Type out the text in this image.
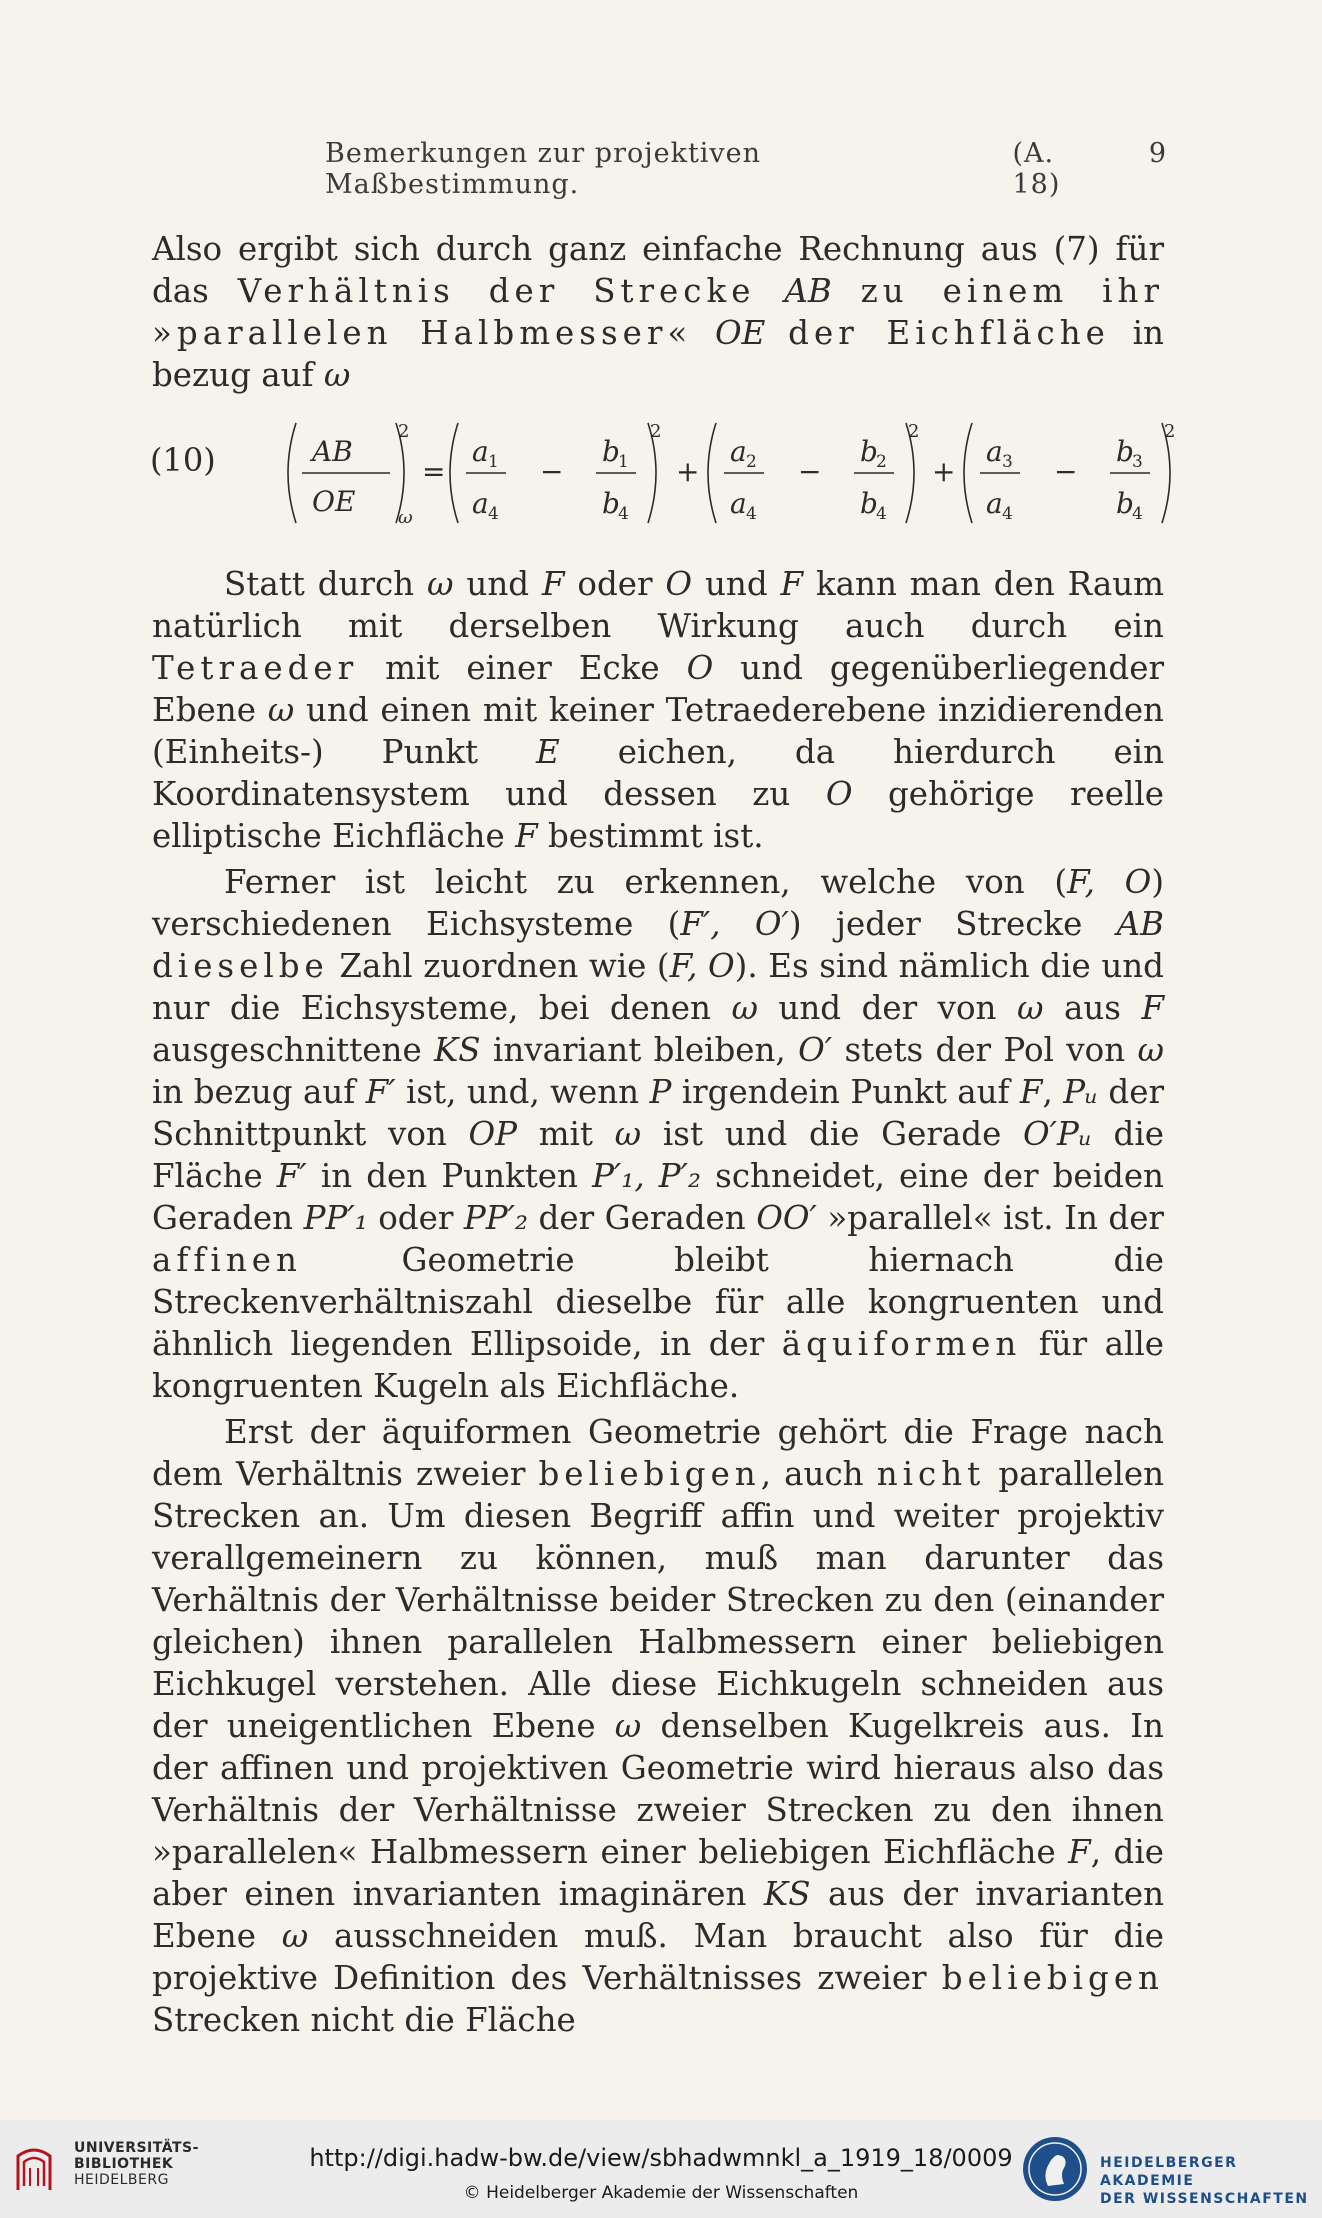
Bemerkungen zur projektiven Maßbestimmung.
(A. 18)
9

Also ergibt sich durch ganz einfache Rechnung aus (7) für das Verhältnis der Strecke AB zu einem ihr »parallelen Halbmesser« OE der Eichfläche in bezug auf ω

(10)	AB
OE ω
2
=
a 1
a 4
−
b
1
b
4
2
+
a 2
a 4
−
b
2
b
4
2
+
a 3
a 4
−
b
3
b
4
2

Statt durch ω und F oder O und F kann man den Raum natürlich mit derselben Wirkung auch durch ein Tetraeder mit einer Ecke O und gegenüberliegender Ebene ω und einen mit keiner Tetraederebene inzidierenden (Einheits-) Punkt E eichen, da hierdurch ein Koordinatensystem und dessen zu O gehörige reelle elliptische Eichfläche F bestimmt ist.

Ferner ist leicht zu erkennen, welche von (F, O) verschiedenen Eichsysteme (F′, O′) jeder Strecke AB dieselbe Zahl zuordnen wie (F, O). Es sind nämlich die und nur die Eichsysteme, bei denen ω und der von ω aus F ausgeschnittene KS invariant bleiben, O′ stets der Pol von ω in bezug auf F′ ist, und, wenn P irgendein Punkt auf F, Pᵤ der Schnittpunkt von OP mit ω ist und die Gerade O′Pᵤ die Fläche F′ in den Punkten P′₁, P′₂ schneidet, eine der beiden Geraden PP′₁ oder PP′₂ der Geraden OO′ »parallel« ist. In der affinen Geometrie bleibt hiernach die Streckenverhältniszahl dieselbe für alle kongruenten und ähnlich liegenden Ellipsoide, in der äquiformen für alle kongruenten Kugeln als Eichfläche.

Erst der äquiformen Geometrie gehört die Frage nach dem Verhältnis zweier beliebigen, auch nicht parallelen Strecken an. Um diesen Begriff affin und weiter projektiv verallgemeinern zu können, muß man darunter das Verhältnis der Verhältnisse beider Strecken zu den (einander gleichen) ihnen parallelen Halbmessern einer beliebigen Eichkugel verstehen. Alle diese Eichkugeln schneiden aus der uneigentlichen Ebene ω denselben Kugelkreis aus. In der affinen und projektiven Geometrie wird hieraus also das Verhältnis der Verhältnisse zweier Strecken zu den ihnen »parallelen« Halbmessern einer beliebigen Eichfläche F, die aber einen invarianten imaginären KS aus der invarianten Ebene ω ausschneiden muß. Man braucht also für die projektive Definition des Verhältnisses zweier beliebigen Strecken nicht die Fläche

UNIVERSITÄTS-
BIBLIOTHEK
HEIDELBERG
http://digi.hadw-bw.de/view/sbhadwmnkl_a_1919_18/0009
© Heidelberger Akademie der Wissenschaften
HEIDELBERGER AKADEMIE
DER WISSENSCHAFTEN
